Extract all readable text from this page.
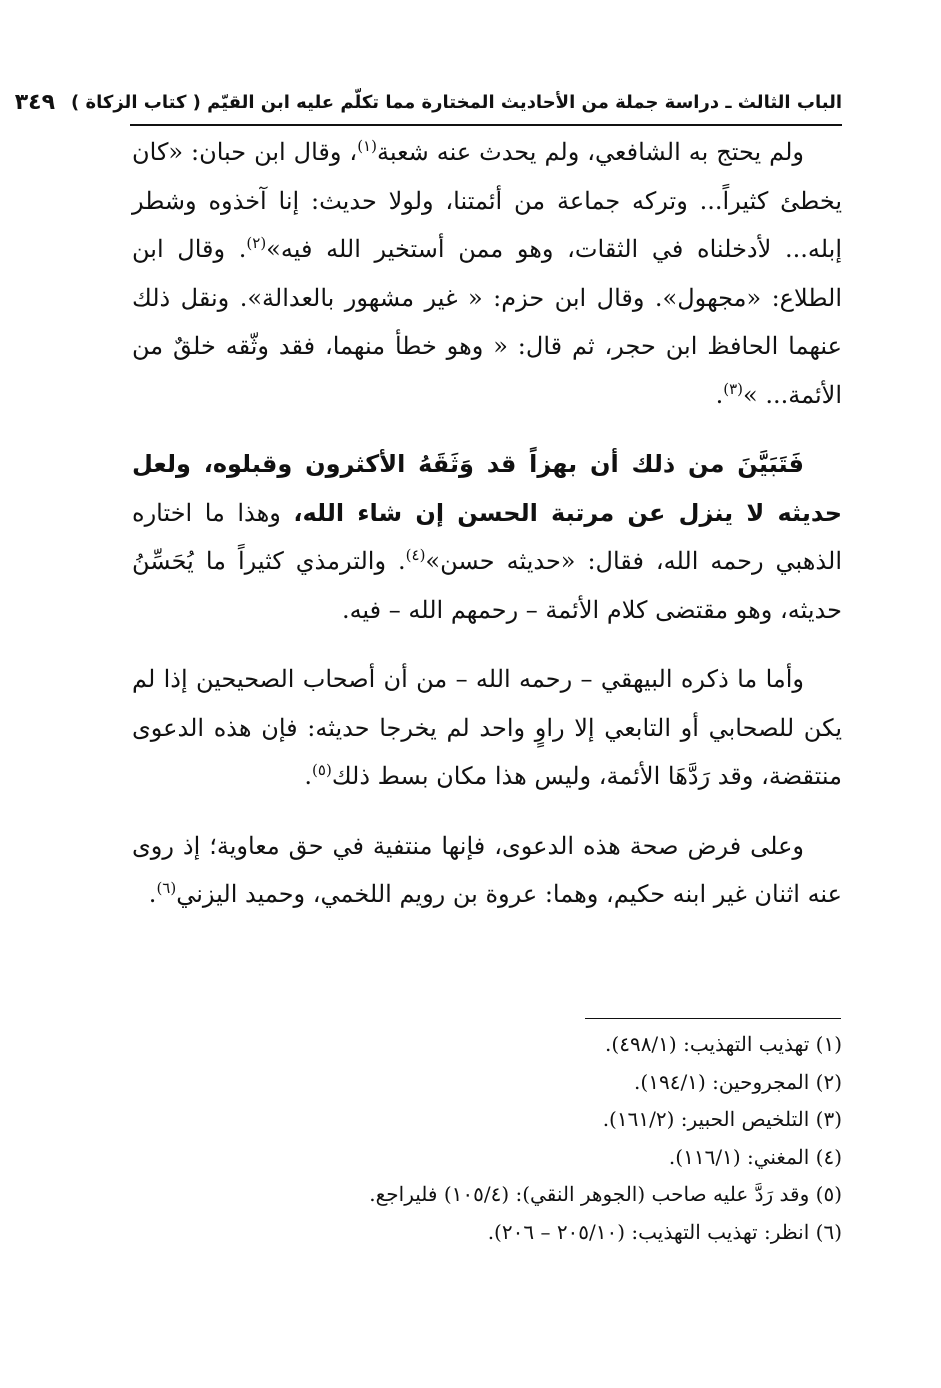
الباب الثالث ـ دراسة جملة من الأحاديث المختارة مما تكلّم عليه ابن القيّم ( كتاب الزكاة )
٣٤٩

ولم يحتج به الشافعي، ولم يحدث عنه شعبة$^{(١)}$، وقال ابن حبان: «كان يخطئ كثيراً... وتركه جماعة من أئمتنا، ولولا حديث: إنا آخذوه وشطر إبله... لأدخلناه في الثقات، وهو ممن أستخير الله فيه»$^{(٢)}$. وقال ابن الطلاع: «مجهول». وقال ابن حزم: « غير مشهور بالعدالة». ونقل ذلك عنهما الحافظ ابن حجر، ثم قال: « وهو خطأ منهما، فقد وثّقه خلقٌ من الأئمة... »$^{(٣)}$.

فَتَبَيَّنَ من ذلك أن بهزاً قد وَثَقَهُ الأكثرون وقبلوه، ولعل حديثه لا ينزل عن مرتبة الحسن إن شاء الله، وهذا ما اختاره الذهبي رحمه الله، فقال: «حديثه حسن»$^{(٤)}$. والترمذي كثيراً ما يُحَسِّنُ حديثه، وهو مقتضى كلام الأئمة – رحمهم الله – فيه.

وأما ما ذكره البيهقي – رحمه الله – من أن أصحاب الصحيحين إذا لم يكن للصحابي أو التابعي إلا راوٍ واحد لم يخرجا حديثه: فإن هذه الدعوى منتقضة، وقد رَدَّهَا الأئمة، وليس هذا مكان بسط ذلك$^{(٥)}$.

وعلى فرض صحة هذه الدعوى، فإنها منتفية في حق معاوية؛ إذ روى عنه اثنان غير ابنه حكيم، وهما: عروة بن رويم اللخمي، وحميد اليزني$^{(٦)}$.

(١) تهذيب التهذيب: (٤٩٨/١).
(٢) المجروحين: (١٩٤/١).
(٣) التلخيص الحبير: (١٦١/٢).
(٤) المغني: (١١٦/١).
(٥) وقد رَدَّ عليه صاحب (الجوهر النقي): (١٠٥/٤) فليراجع.
(٦) انظر: تهذيب التهذيب: (٢٠٥/١٠ – ٢٠٦).
